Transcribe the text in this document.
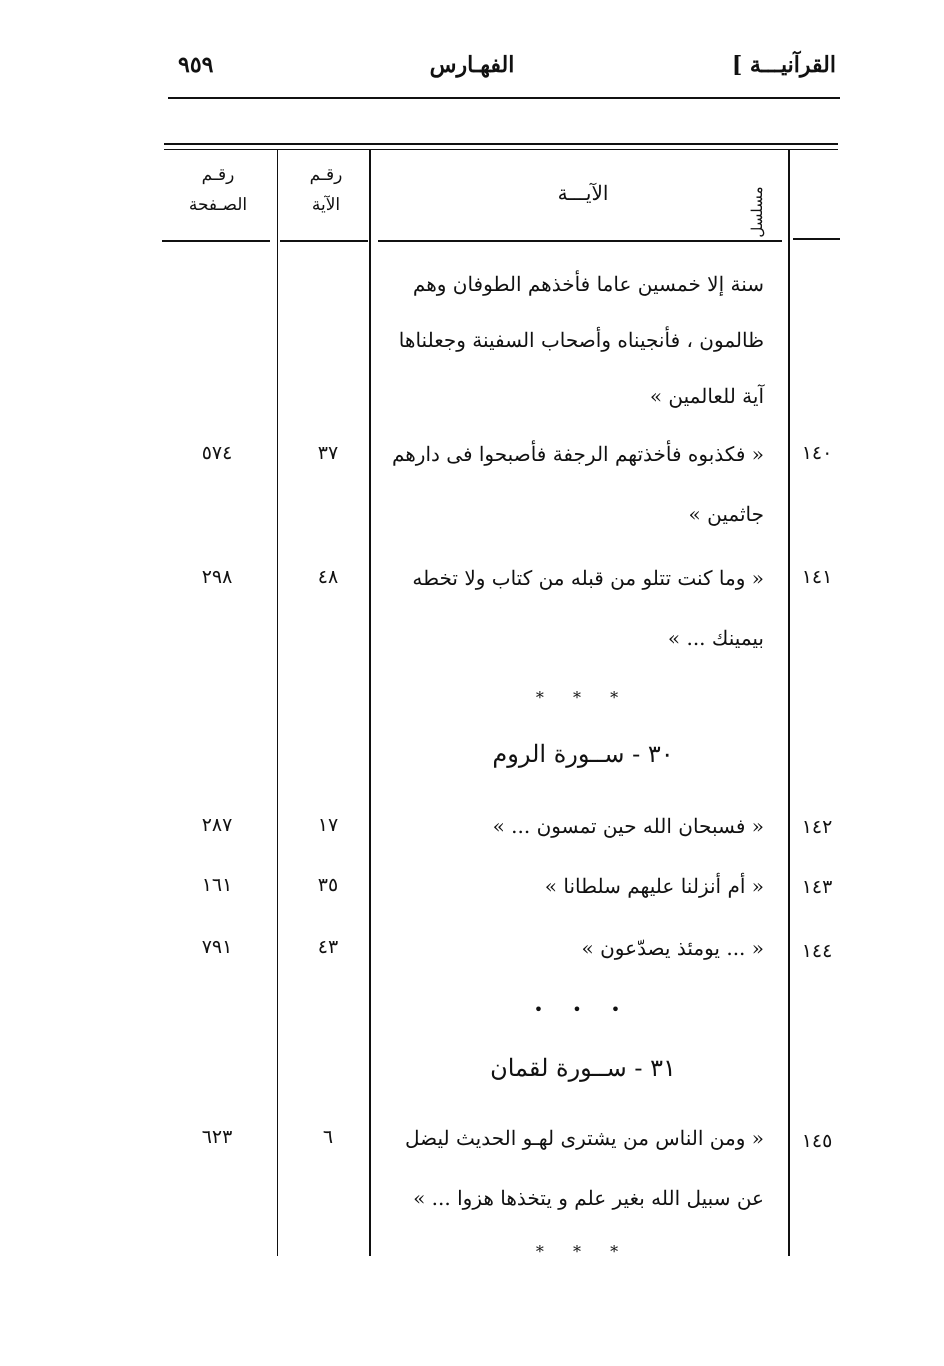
القرآنيـــة ]
الفهـارس
٩٥٩
مسلسل
الآيـــة
رقـم
الآية
رقـم
الصـفحة
سنة إلا خمسين عاما فأخذهم الطوفان وهم
ظالمون ، فأنجيناه وأصحاب السفينة وجعلناها
آية للعالمين »
١٤٠
« فكذبوه فأخذتهم الرجفة فأصبحوا فى دارهم
جاثمين »
٣٧
٥٧٤
١٤١
« وما كنت تتلو من قبله من كتاب ولا تخطه
بيمينك ... »
٤٨
٢٩٨
* * *
٣٠ - ســورة الروم
١٤٢
« فسبحان الله حين تمسون ... »
١٧
٢٨٧
١٤٣
« أم أنزلنا عليهم سلطانا »
٣٥
١٦١
١٤٤
« ... يومئذ يصدّعون »
٤٣
٧٩١
• • •
٣١ - ســورة لقمان
١٤٥
« ومن الناس من يشترى لهـو الحديث ليضل
عن سبيل الله بغير علم و يتخذها هزوا ... »
٦
٦٢٣
* * *
